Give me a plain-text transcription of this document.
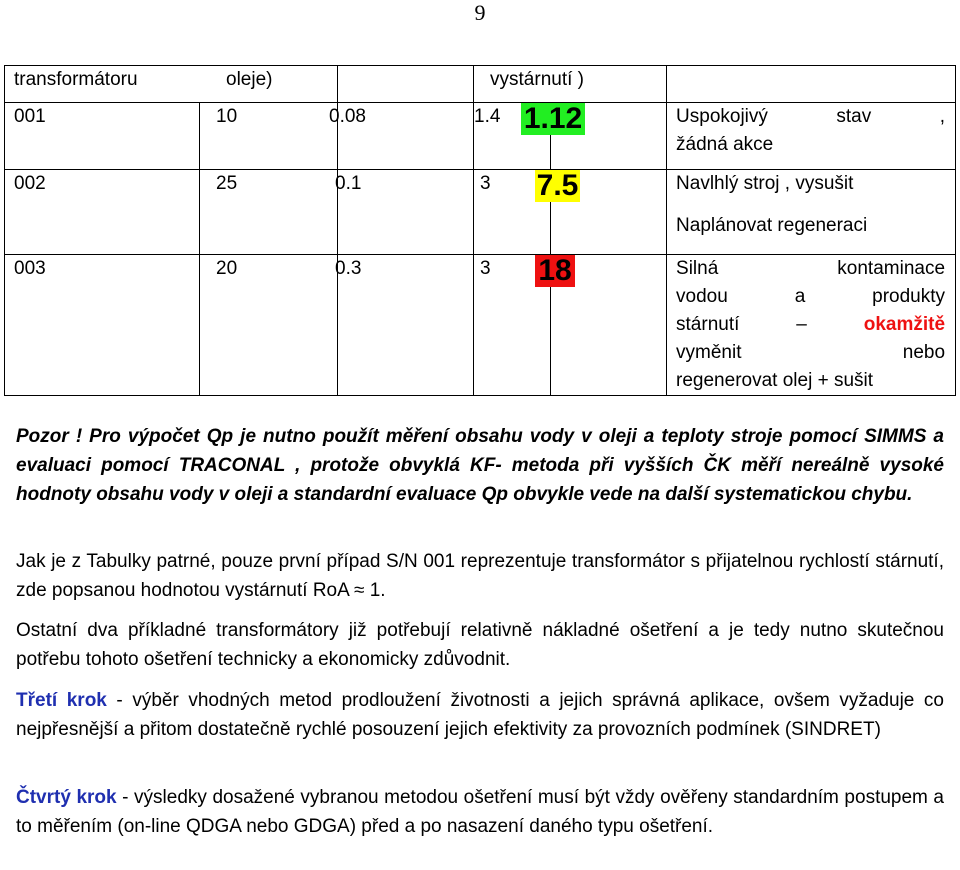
9
transformátoru		oleje)	vystárnutí )		
001	10	0.08	1.4	1.12	Uspokojivý stav ,
žádná akce

002	25	0.1	3	7.5	Navlhlý stroj , vysušit
Naplánovat regeneraci

003	20	0.3	3	18	Silná kontaminace
vodou a produkty
stárnutí – okamžitě
vyměnit nebo
regenerovat olej + sušit

Pozor ! Pro výpočet Qp je nutno použít měření obsahu vody v oleji a teploty stroje pomocí SIMMS a evaluaci pomocí TRACONAL , protože obvyklá KF- metoda při vyšších ČK měří nereálně vysoké hodnoty obsahu vody v oleji a standardní evaluace Qp obvykle vede na další systematickou chybu.

Jak je z Tabulky patrné, pouze první případ S/N 001 reprezentuje transformátor s přijatelnou rychlostí stárnutí, zde popsanou hodnotou vystárnutí RoA ≈ 1.

Ostatní dva příkladné transformátory již potřebují relativně nákladné ošetření a je tedy nutno skutečnou potřebu tohoto ošetření technicky a ekonomicky zdůvodnit.

Třetí krok - výběr vhodných metod prodloužení životnosti a jejich správná aplikace, ovšem vyžaduje co nejpřesnější a přitom dostatečně rychlé posouzení jejich efektivity za provozních podmínek (SINDRET)

Čtvrtý krok - výsledky dosažené vybranou metodou ošetření musí být vždy ověřeny standardním postupem a to měřením (on-line QDGA nebo GDGA) před a po nasazení daného typu ošetření.
